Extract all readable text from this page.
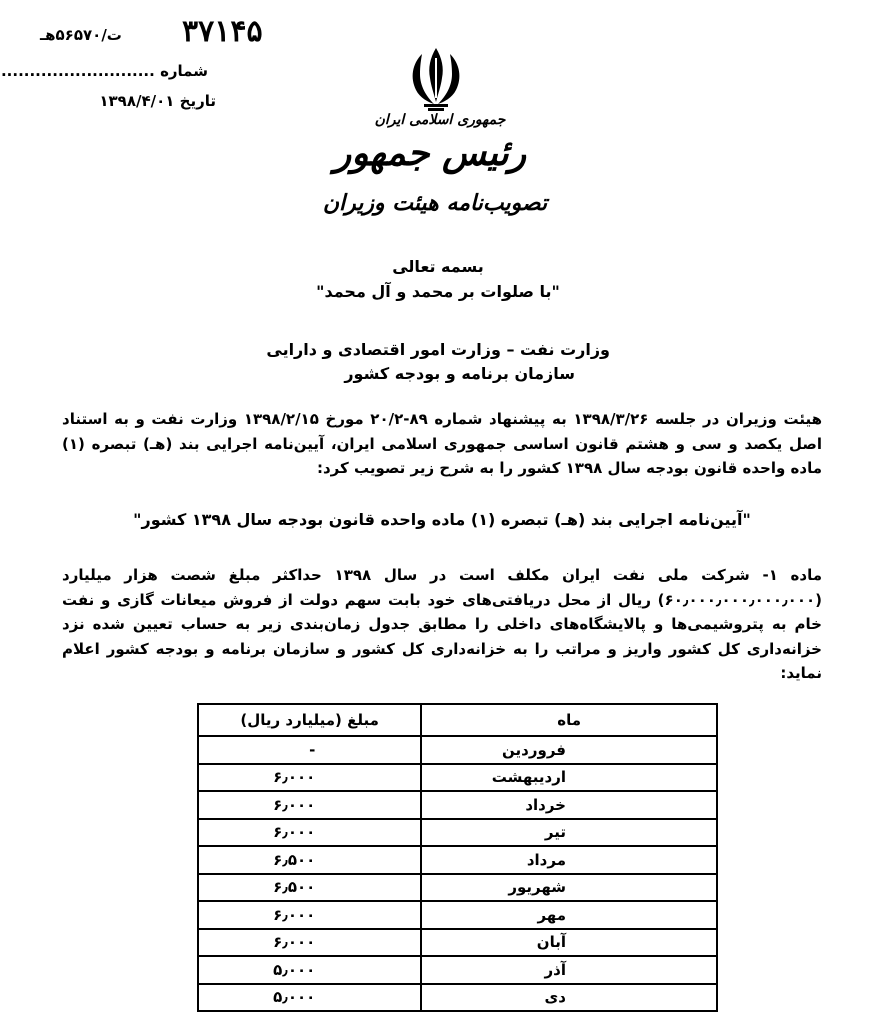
ت/۵۶۵۷۰هـ ۳۷۱۴۵
شماره ...........................
تاریخ ۱۳۹۸/۴/۰۱
جمهوری اسلامی ایران
رئیس جمهور
تصویب‌نامه هیئت وزیران
بسمه تعالی
"با صلوات بر محمد و آل محمد"
وزارت نفت – وزارت امور اقتصادی و دارایی
سازمان برنامه و بودجه کشور
هیئت وزیران در جلسه ۱۳۹۸/۳/۲۶ به پیشنهاد شماره ۸۹-۲۰/۲ مورخ ۱۳۹۸/۲/۱۵ وزارت نفت و به استناد اصل یکصد و سی و هشتم قانون اساسی جمهوری اسلامی ایران، آیین‌نامه اجرایی بند (هـ) تبصره (۱) ماده واحده قانون بودجه سال ۱۳۹۸ کشور را به شرح زیر تصویب کرد:
"آیین‌نامه اجرایی بند (هـ) تبصره (۱) ماده واحده قانون بودجه سال ۱۳۹۸ کشور"
ماده ۱- شرکت ملی نفت ایران مکلف است در سال ۱۳۹۸ حداکثر مبلغ شصت هزار میلیارد (۶۰٫۰۰۰٫۰۰۰٫۰۰۰٫۰۰۰) ریال از محل دریافتی‌های خود بابت سهم دولت از فروش میعانات گازی و نفت خام به پتروشیمی‌ها و پالایشگاه‌های داخلی را مطابق جدول زمان‌بندی زیر به حساب تعیین شده نزد خزانه‌داری کل کشور واریز و مراتب را به خزانه‌داری کل کشور و سازمان برنامه و بودجه کشور اعلام نماید:
ماه	مبلغ (میلیارد ریال)
فروردین	-
اردیبهشت	۶٫۰۰۰
خرداد	۶٫۰۰۰
تیر	۶٫۰۰۰
مرداد	۶٫۵۰۰
شهریور	۶٫۵۰۰
مهر	۶٫۰۰۰
آبان	۶٫۰۰۰
آذر	۵٫۰۰۰
دی	۵٫۰۰۰
